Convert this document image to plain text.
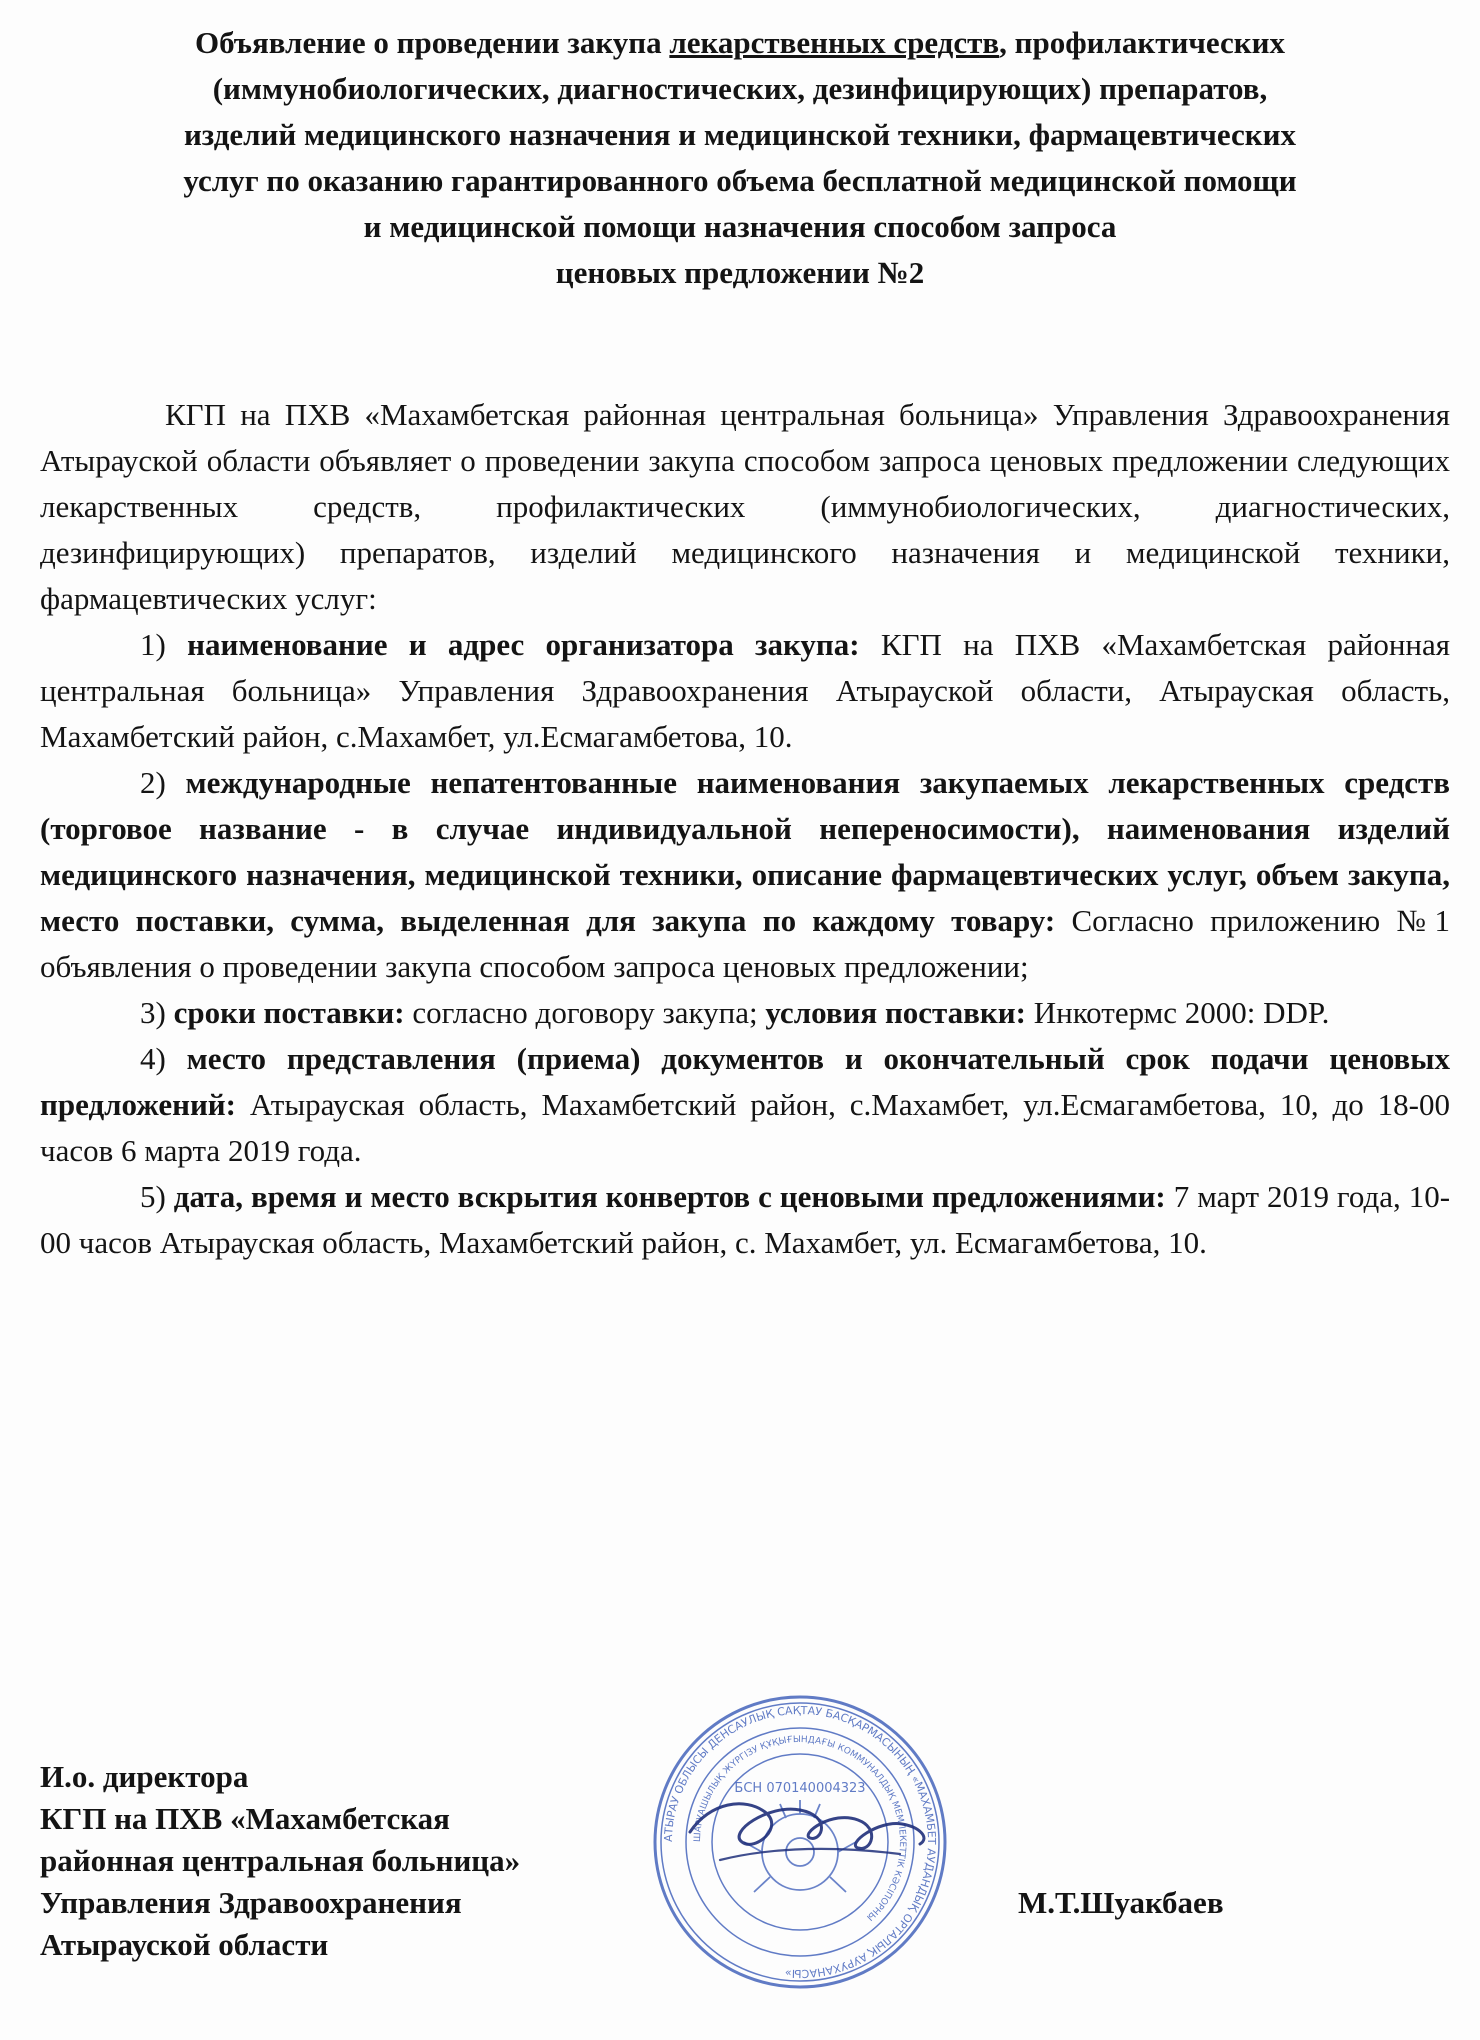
Объявление о проведении закупа лекарственных средств, профилактических
(иммунобиологических, диагностических, дезинфицирующих) препаратов,
изделий медицинского назначения и медицинской техники, фармацевтических
услуг по оказанию гарантированного объема бесплатной медицинской помощи
и медицинской помощи назначения способом запроса
ценовых предложении №2

КГП на ПХВ «Махамбетская районная центральная больница» Управления Здравоохранения Атырауской области объявляет о проведении закупа способом запроса ценовых предложении следующих лекарственных средств, профилактических (иммунобиологических, диагностических, дезинфицирующих) препаратов, изделий медицинского назначения и медицинской техники, фармацевтических услуг:

1) наименование и адрес организатора закупа: КГП на ПХВ «Махамбетская районная центральная больница» Управления Здравоохранения Атырауской области, Атырауская область, Махамбетский район, с.Махамбет, ул.Есмагамбетова, 10.

2) международные непатентованные наименования закупаемых лекарственных средств (торговое название - в случае индивидуальной непереносимости), наименования изделий медицинского назначения, медицинской техники, описание фармацевтических услуг, объем закупа, место поставки, сумма, выделенная для закупа по каждому товару: Согласно приложению №1 объявления о проведении закупа способом запроса ценовых предложении;

3) сроки поставки: согласно договору закупа; условия поставки: Инкотермс 2000: DDP.

4) место представления (приема) документов и окончательный срок подачи ценовых предложений: Атырауская область, Махамбетский район, с.Махамбет, ул.Есмагамбетова, 10, до 18-00 часов 6 марта 2019 года.

5) дата, время и место вскрытия конвертов с ценовыми предложениями: 7 март 2019 года, 10-00 часов Атырауская область, Махамбетский район, с. Махамбет, ул. Есмагамбетова, 10.

И.о. директора
КГП на ПХВ «Махамбетская
районная центральная больница»
Управления Здравоохранения
Атырауской области
АТЫРАУ ОБЛЫСЫ ДЕНСАУЛЫҚ САҚТАУ БАСҚАРМАСЫНЫҢ «МАХАМБЕТ АУДАНДЫҚ ОРТАЛЫҚ АУРУХАНАСЫ»
ШАРУАШЫЛЫҚ ЖҮРГІЗУ ҚҰҚЫҒЫНДАҒЫ КОММУНАЛДЫҚ МЕМЛЕКЕТТІК КӘСІПОРНЫ
БСН 070140004323
М.Т.Шуакбаев
